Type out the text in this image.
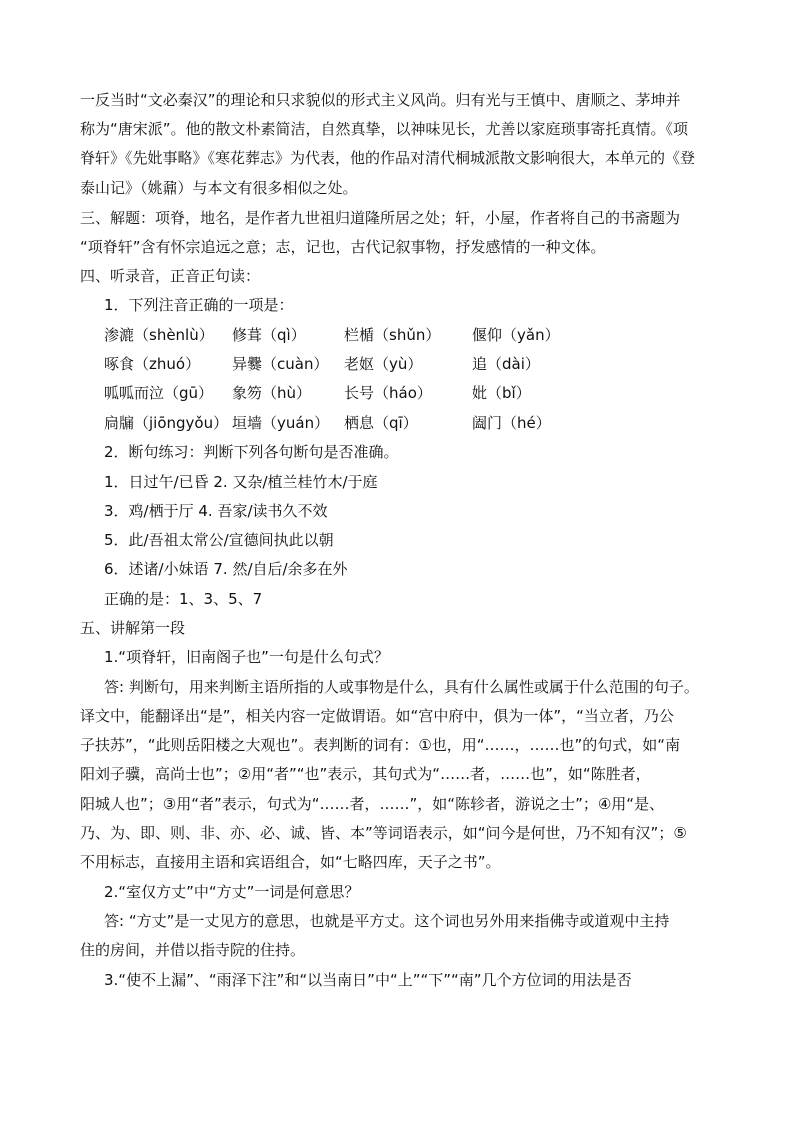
一反当时“文必秦汉”的理论和只求貌似的形式主义风尚。归有光与王慎中、唐顺之、茅坤并
称为“唐宋派”。他的散文朴素简洁，自然真挚，以神味见长，尤善以家庭琐事寄托真情。《项
脊轩》《先妣事略》《寒花葬志》为代表，他的作品对清代桐城派散文影响很大，本单元的《登
泰山记》（姚鼐）与本文有很多相似之处。
三、解题：项脊，地名，是作者九世祖归道隆所居之处；轩，小屋，作者将自己的书斋题为
“项脊轩”含有怀宗追远之意；志，记也，古代记叙事物，抒发感情的一种文体。
四、听录音，正音正句读：
1．下列注音正确的一项是：
渗漉（shènlù） 修葺（qì）	栏楯（shǔn） 偃仰（yǎn）
啄食（zhuó） 异爨（cuàn） 老妪（yù）	追（dài）
呱呱而泣（gū） 象笏（hù） 长号（háo）	妣（bǐ）
扃牖（jiōngyǒu） 垣墙（yuán） 栖息（qī）	阖门（hé）
2．断句练习：判断下列各句断句是否准确。
1．日过午/已昏 2. 又杂/植兰桂竹木/于庭
3．鸡/栖于厅 4. 吾家/读书久不效
5．此/吾祖太常公/宣德间执此以朝
6．述诸/小妹语 7. 然/自后/余多在外
正确的是：1、3、5、7
五、讲解第一段
1.“项脊轩，旧南阁子也”一句是什么句式？
答: 判断句，用来判断主语所指的人或事物是什么，具有什么属性或属于什么范围的句子。
译文中，能翻译出“是”，相关内容一定做谓语。如“宫中府中，俱为一体”，“当立者，乃公
子扶苏”，“此则岳阳楼之大观也”。表判断的词有：①也，用“……，……也”的句式，如“南
阳刘子骥，高尚士也”；②用“者”“也”表示，其句式为“……者，……也”，如“陈胜者，
阳城人也”；③用“者”表示，句式为“……者，……”，如“陈轸者，游说之士”；④用“是、
乃、为、即、则、非、亦、必、诚、皆、本”等词语表示，如“问今是何世，乃不知有汉”；⑤
不用标志，直接用主语和宾语组合，如“七略四库，天子之书”。
2.“室仅方丈”中“方丈”一词是何意思？
答: “方丈”是一丈见方的意思，也就是平方丈。这个词也另外用来指佛寺或道观中主持
住的房间，并借以指寺院的住持。
3.“使不上漏”、“雨泽下注”和“以当南日”中“上”“下”“南”几个方位词的用法是否
